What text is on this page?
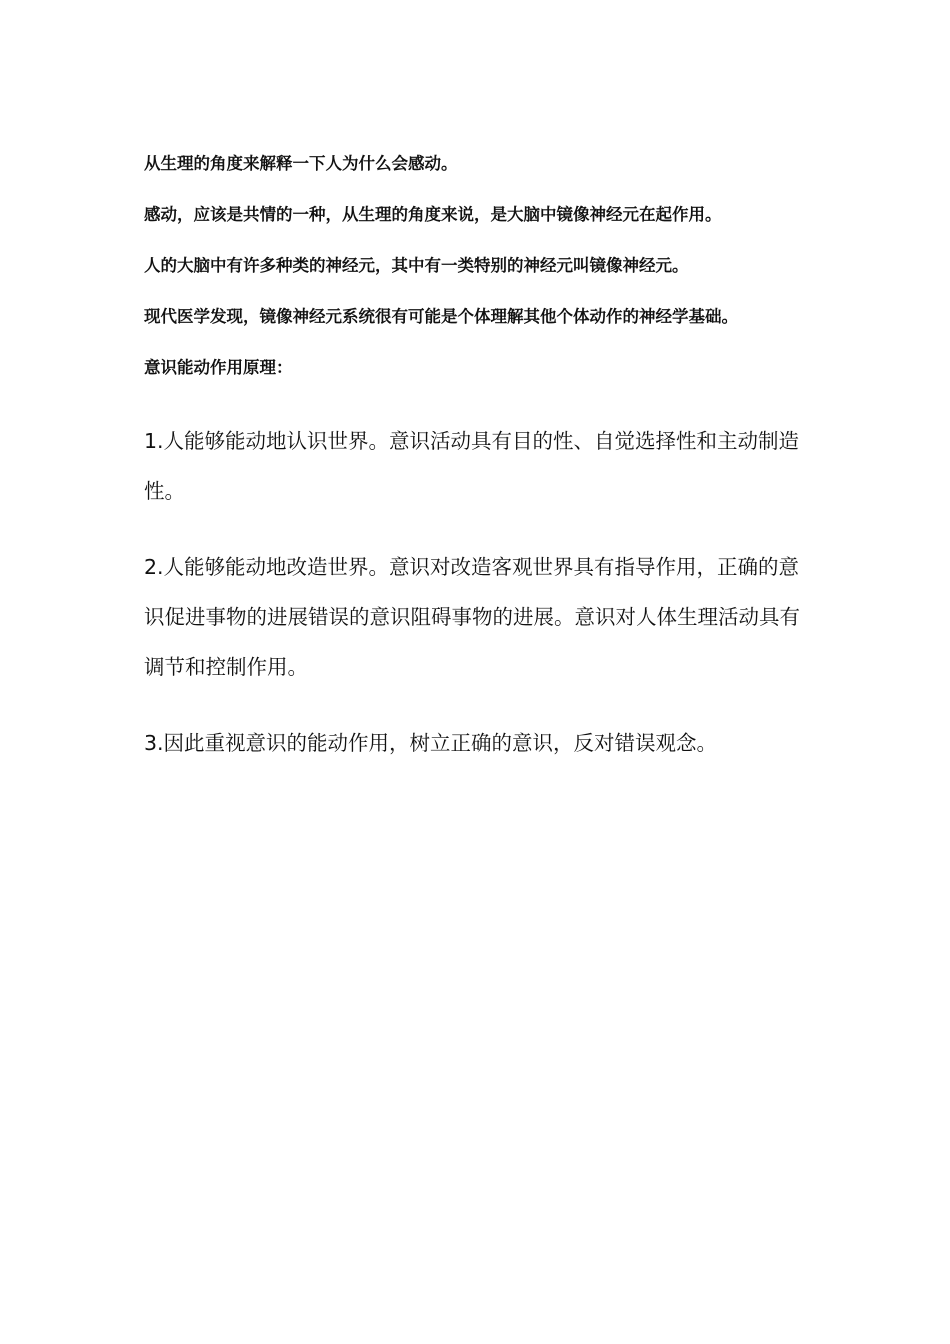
从生理的角度来解释一下人为什么会感动。
感动，应该是共情的一种，从生理的角度来说，是大脑中镜像神经元在起作用。
人的大脑中有许多种类的神经元，其中有一类特别的神经元叫镜像神经元。
现代医学发现，镜像神经元系统很有可能是个体理解其他个体动作的神经学基础。
意识能动作用原理：
1.人能够能动地认识世界。意识活动具有目的性、自觉选择性和主动制造性。
2.人能够能动地改造世界。意识对改造客观世界具有指导作用，正确的意识促进事物的进展错误的意识阻碍事物的进展。意识对人体生理活动具有调节和控制作用。
3.因此重视意识的能动作用，树立正确的意识，反对错误观念。
